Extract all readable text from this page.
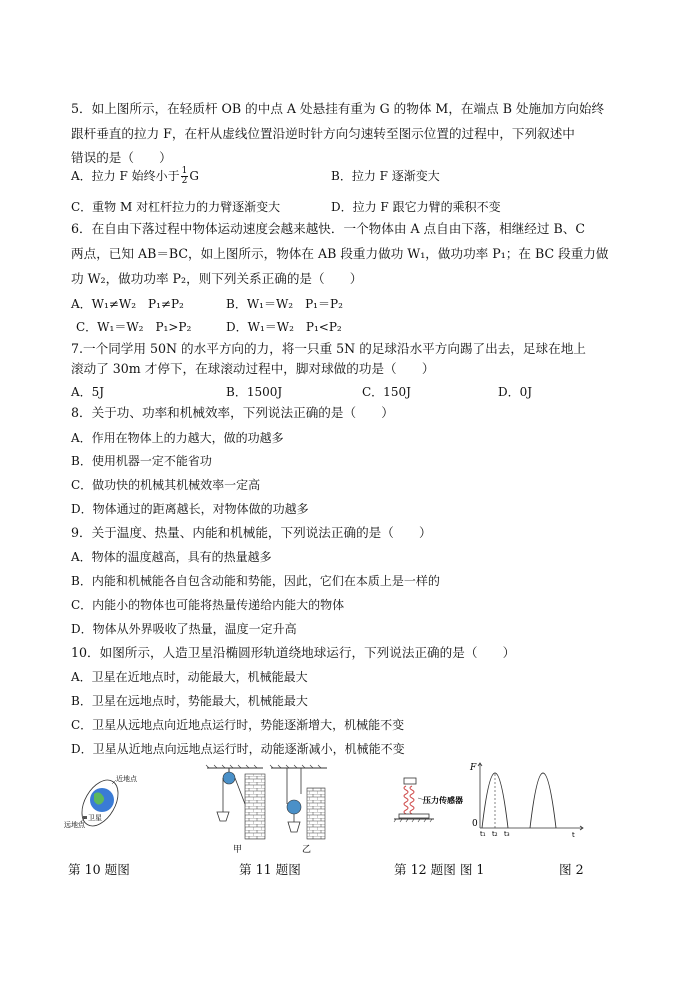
5．如上图所示，在轻质杆 OB 的中点 A 处悬挂有重为 G 的物体 M，在端点 B 处施加方向始终
跟杆垂直的拉力 F，在杆从虚线位置沿逆时针方向匀速转至图示位置的过程中，下列叙述中
错误的是（　　）
A．拉力 F 始终小于 $\frac{1}{2}$ G	B．拉力 F 逐渐变大
C．重物 M 对杠杆拉力的力臂逐渐变大	D．拉力 F 跟它力臂的乘积不变
6．在自由下落过程中物体运动速度会越来越快．一个物体由 A 点自由下落，相继经过 B、C
两点，已知 AB＝BC，如上图所示，物体在 AB 段重力做功 W₁，做功功率 P₁；在 BC 段重力做
功 W₂，做功功率 P₂，则下列关系正确的是（　　）
A．W₁≠W₂　P₁≠P₂	B．W₁＝W₂　P₁＝P₂
C．W₁＝W₂　P₁>P₂	D．W₁＝W₂　P₁<P₂
7.一个同学用 50N 的水平方向的力，将一只重 5N 的足球沿水平方向踢了出去，足球在地上
滚动了 30m 才停下，在球滚动过程中，脚对球做的功是（　　）
A．5J	B．1500J	C．150J	D．0J
8．关于功、功率和机械效率，下列说法正确的是（　　）
A．作用在物体上的力越大，做的功越多
B．使用机器一定不能省功
C．做功快的机械其机械效率一定高
D．物体通过的距离越长，对物体做的功越多
9．关于温度、热量、内能和机械能，下列说法正确的是（　　）
A．物体的温度越高，具有的热量越多
B．内能和机械能各自包含动能和势能，因此，它们在本质上是一样的
C．内能小的物体也可能将热量传递给内能大的物体
D．物体从外界吸收了热量，温度一定升高
10．如图所示，人造卫星沿椭圆形轨道绕地球运行，下列说法正确的是（　　）
A．卫星在近地点时，动能最大，机械能最大
B．卫星在远地点时，势能最大，机械能最大
C．卫星从远地点向近地点运行时，势能逐渐增大，机械能不变
D．卫星从近地点向远地点运行时，动能逐渐减小，机械能不变
近地点
远地点
卫星
甲	乙
压力传感器
F
0
t
t₁ t₂ t₃
第 10 题图	第 11 题图	第 12 题图 图 1	图 2
